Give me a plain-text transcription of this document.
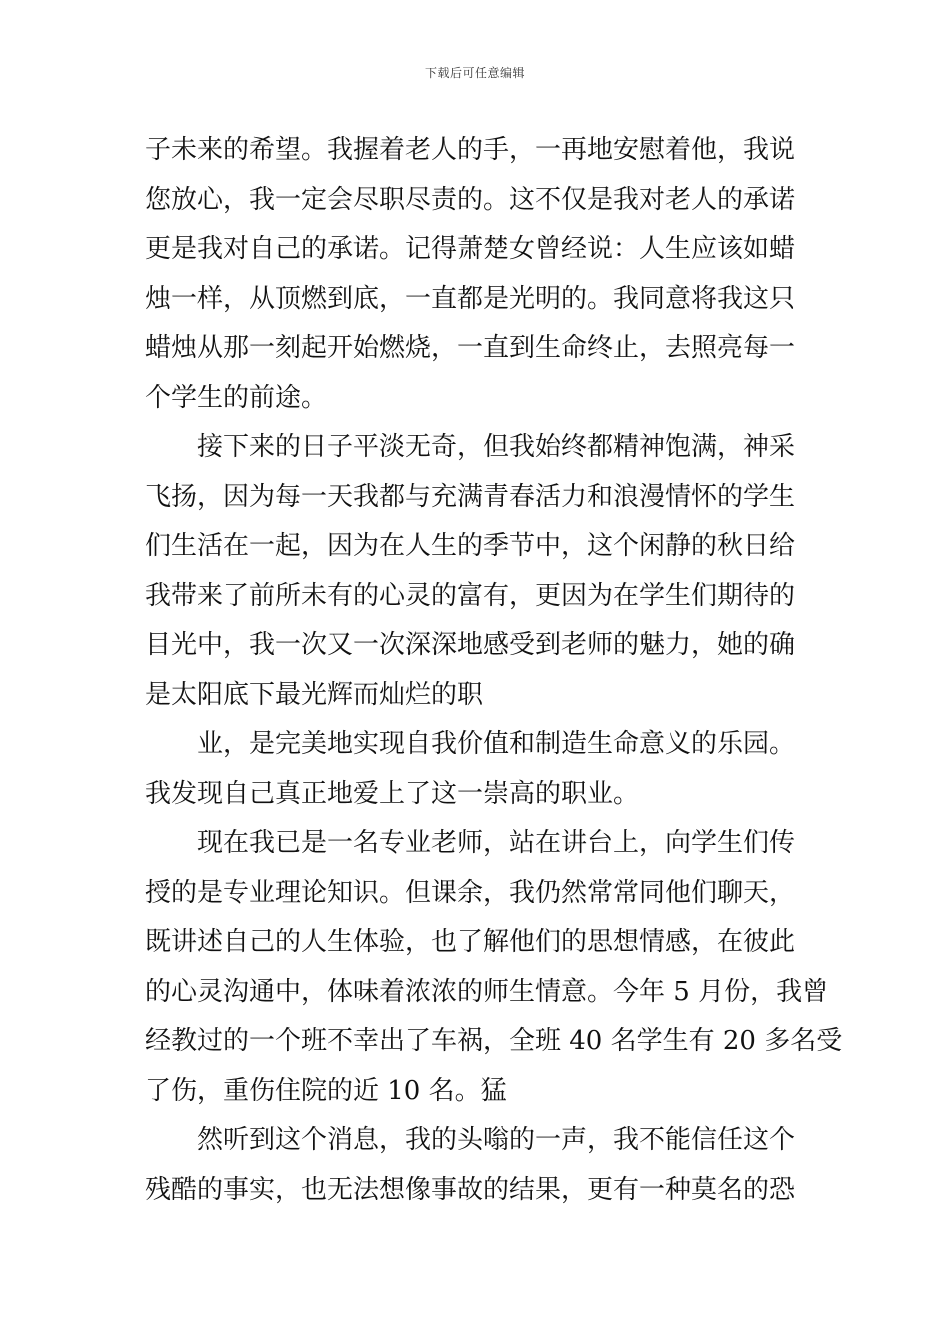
下载后可任意编辑
子未来的希望。我握着老人的手，一再地安慰着他，我说
您放心，我一定会尽职尽责的。这不仅是我对老人的承诺
更是我对自己的承诺。记得萧楚女曾经说：人生应该如蜡
烛一样，从顶燃到底，一直都是光明的。我同意将我这只
蜡烛从那一刻起开始燃烧，一直到生命终止，去照亮每一
个学生的前途。
接下来的日子平淡无奇，但我始终都精神饱满，神采
飞扬，因为每一天我都与充满青春活力和浪漫情怀的学生
们生活在一起，因为在人生的季节中，这个闲静的秋日给
我带来了前所未有的心灵的富有，更因为在学生们期待的
目光中，我一次又一次深深地感受到老师的魅力，她的确
是太阳底下最光辉而灿烂的职
业，是完美地实现自我价值和制造生命意义的乐园。
我发现自己真正地爱上了这一崇高的职业。
现在我已是一名专业老师，站在讲台上，向学生们传
授的是专业理论知识。但课余，我仍然常常同他们聊天，
既讲述自己的人生体验，也了解他们的思想情感，在彼此
的心灵沟通中，体味着浓浓的师生情意。今年 5 月份，我曾
经教过的一个班不幸出了车祸，全班 40 名学生有 20 多名受
了伤，重伤住院的近 10 名。猛
然听到这个消息，我的头嗡的一声，我不能信任这个
残酷的事实，也无法想像事故的结果，更有一种莫名的恐
